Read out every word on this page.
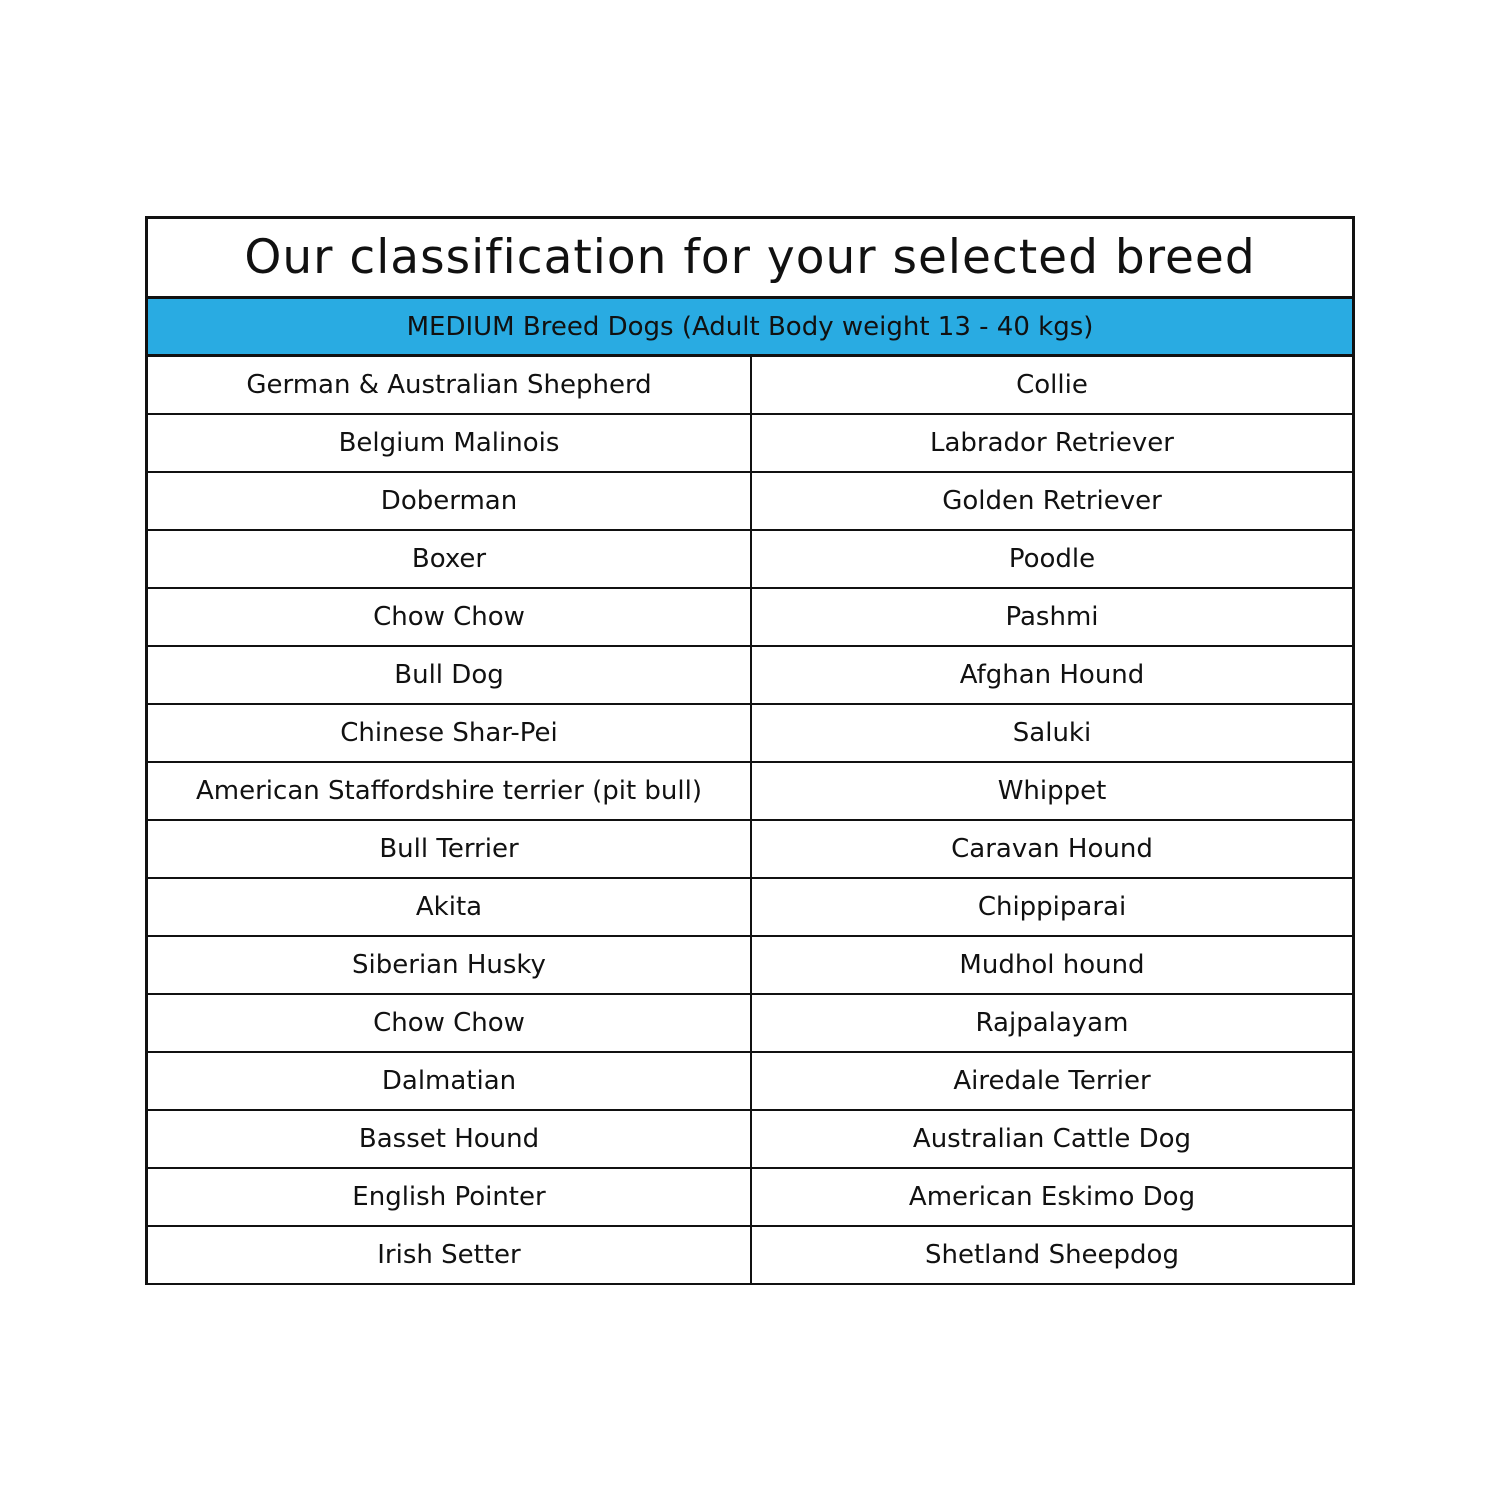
Our classification for your selected breed
MEDIUM Breed Dogs (Adult Body weight 13 - 40 kgs)
German & Australian Shepherd	Collie
Belgium Malinois	Labrador Retriever
Doberman	Golden Retriever
Boxer	Poodle
Chow Chow	Pashmi
Bull Dog	Afghan Hound
Chinese Shar-Pei	Saluki
American Staffordshire terrier (pit bull)	Whippet
Bull Terrier	Caravan Hound
Akita	Chippiparai
Siberian Husky	Mudhol hound
Chow Chow	Rajpalayam
Dalmatian	Airedale Terrier
Basset Hound	Australian Cattle Dog
English Pointer	American Eskimo Dog
Irish Setter	Shetland Sheepdog
